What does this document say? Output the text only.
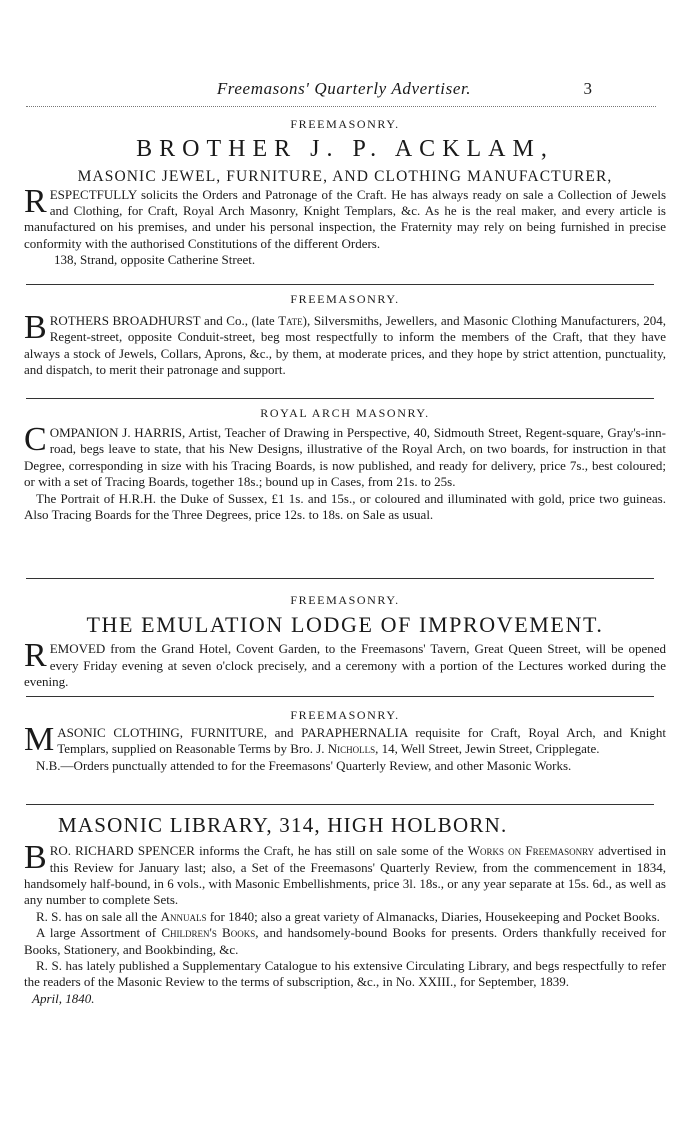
Freemasons' Quarterly Advertiser.	3

FREEMASONRY.

BROTHER J. P. ACKLAM,

MASONIC JEWEL, FURNITURE, AND CLOTHING MANUFACTURER,

RESPECTFULLY solicits the Orders and Patronage of the Craft. He has always ready on sale a Collection of Jewels and Clothing, for Craft, Royal Arch Masonry, Knight Templars, &c. As he is the real maker, and every article is manufactured on his premises, and under his personal inspection, the Fraternity may rely on being furnished in precise conformity with the authorised Constitutions of the different Orders.

138, Strand, opposite Catherine Street.

FREEMASONRY.

BROTHERS BROADHURST and Co., (late Tate), Silversmiths, Jewellers, and Masonic Clothing Manufacturers, 204, Regent-street, opposite Conduit-street, beg most respectfully to inform the members of the Craft, that they have always a stock of Jewels, Collars, Aprons, &c., by them, at moderate prices, and they hope by strict attention, punctuality, and dispatch, to merit their patronage and support.

ROYAL ARCH MASONRY.

COMPANION J. HARRIS, Artist, Teacher of Drawing in Perspective, 40, Sidmouth Street, Regent-square, Gray's-inn-road, begs leave to state, that his New Designs, illustrative of the Royal Arch, on two boards, for instruction in that Degree, corresponding in size with his Tracing Boards, is now published, and ready for delivery, price 7s., best coloured; or with a set of Tracing Boards, together 18s.; bound up in Cases, from 21s. to 25s.

The Portrait of H.R.H. the Duke of Sussex, £1 1s. and 15s., or coloured and illuminated with gold, price two guineas. Also Tracing Boards for the Three Degrees, price 12s. to 18s. on Sale as usual.

FREEMASONRY.

THE EMULATION LODGE OF IMPROVEMENT.

REMOVED from the Grand Hotel, Covent Garden, to the Freemasons' Tavern, Great Queen Street, will be opened every Friday evening at seven o'clock precisely, and a ceremony with a portion of the Lectures worked during the evening.

FREEMASONRY.

MASONIC CLOTHING, FURNITURE, and PARAPHERNALIA requisite for Craft, Royal Arch, and Knight Templars, supplied on Reasonable Terms by Bro. J. Nicholls, 14, Well Street, Jewin Street, Cripplegate.

N.B.—Orders punctually attended to for the Freemasons' Quarterly Review, and other Masonic Works.

MASONIC LIBRARY, 314, HIGH HOLBORN.

BRO. RICHARD SPENCER informs the Craft, he has still on sale some of the Works on Freemasonry advertised in this Review for January last; also, a Set of the Freemasons' Quarterly Review, from the commencement in 1834, handsomely half-bound, in 6 vols., with Masonic Embellishments, price 3l. 18s., or any year separate at 15s. 6d., as well as any number to complete Sets.

R. S. has on sale all the Annuals for 1840; also a great variety of Almanacks, Diaries, Housekeeping and Pocket Books.

A large Assortment of Children's Books, and handsomely-bound Books for presents. Orders thankfully received for Books, Stationery, and Bookbinding, &c.

R. S. has lately published a Supplementary Catalogue to his extensive Circulating Library, and begs respectfully to refer the readers of the Masonic Review to the terms of subscription, &c., in No. XXIII., for September, 1839.

April, 1840.
